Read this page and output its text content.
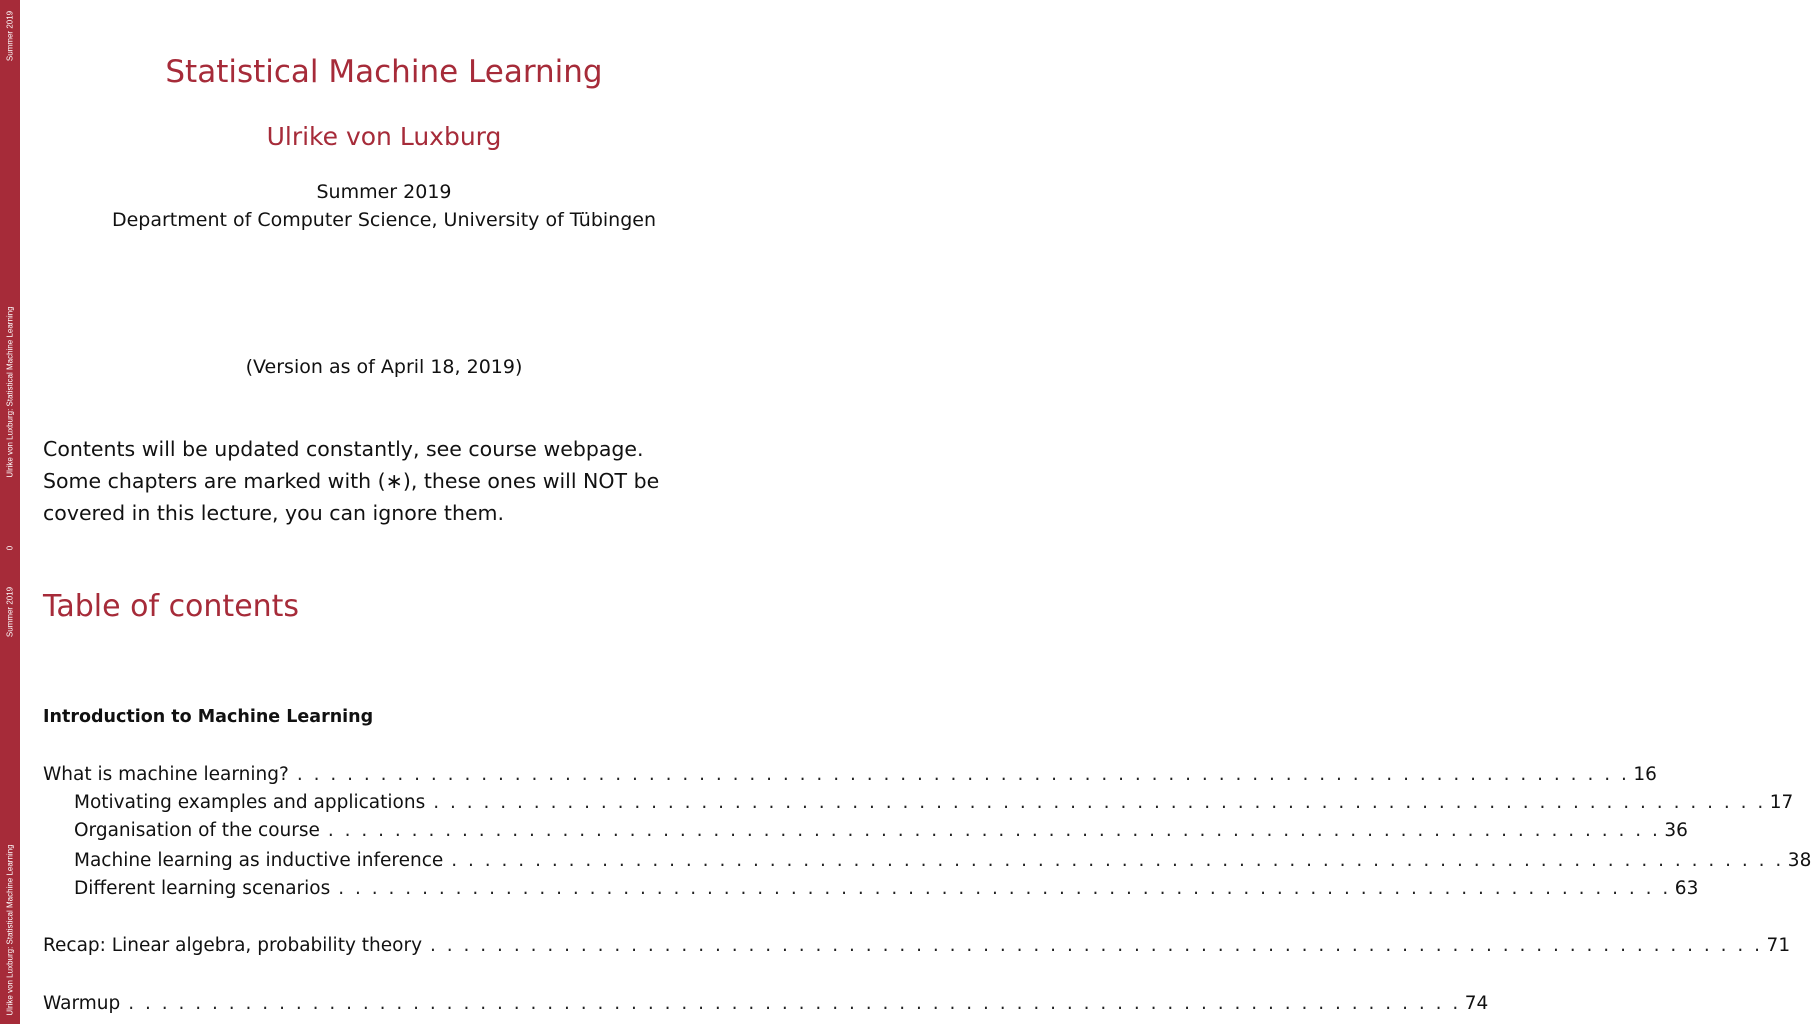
Summer 2019
Ulrike von Luxburg: Statistical Machine Learning
0
Summer 2019
Ulrike von Luxburg: Statistical Machine Learning
Statistical Machine Learning
Ulrike von Luxburg
Summer 2019
Department of Computer Science, University of Tübingen
(Version as of April 18, 2019)
Contents will be updated constantly, see course webpage.
Some chapters are marked with (∗), these ones will NOT be
covered in this lecture, you can ignore them.
Table of contents
Introduction to Machine Learning
What is machine learning? . . . . . . . . . . . . . . . . . . . . . . . . . . . . . . . . . . . . . . . . . . . . . . . . . . . . . . . . . . . . . . . . . . . . . . . . . . . . . . . . 16
Motivating examples and applications . . . . . . . . . . . . . . . . . . . . . . . . . . . . . . . . . . . . . . . . . . . . . . . . . . . . . . . . . . . . . . . . . . . . . . . . . . . . . . . . 17
Organisation of the course . . . . . . . . . . . . . . . . . . . . . . . . . . . . . . . . . . . . . . . . . . . . . . . . . . . . . . . . . . . . . . . . . . . . . . . . . . . . . . . . 36
Machine learning as inductive inference . . . . . . . . . . . . . . . . . . . . . . . . . . . . . . . . . . . . . . . . . . . . . . . . . . . . . . . . . . . . . . . . . . . . . . . . . . . . . . . . 38
Different learning scenarios . . . . . . . . . . . . . . . . . . . . . . . . . . . . . . . . . . . . . . . . . . . . . . . . . . . . . . . . . . . . . . . . . . . . . . . . . . . . . . . . 63
Recap: Linear algebra, probability theory . . . . . . . . . . . . . . . . . . . . . . . . . . . . . . . . . . . . . . . . . . . . . . . . . . . . . . . . . . . . . . . . . . . . . . . . . . . . . . . . 71
Warmup . . . . . . . . . . . . . . . . . . . . . . . . . . . . . . . . . . . . . . . . . . . . . . . . . . . . . . . . . . . . . . . . . . . . . . . . . . . . . . . . 74
